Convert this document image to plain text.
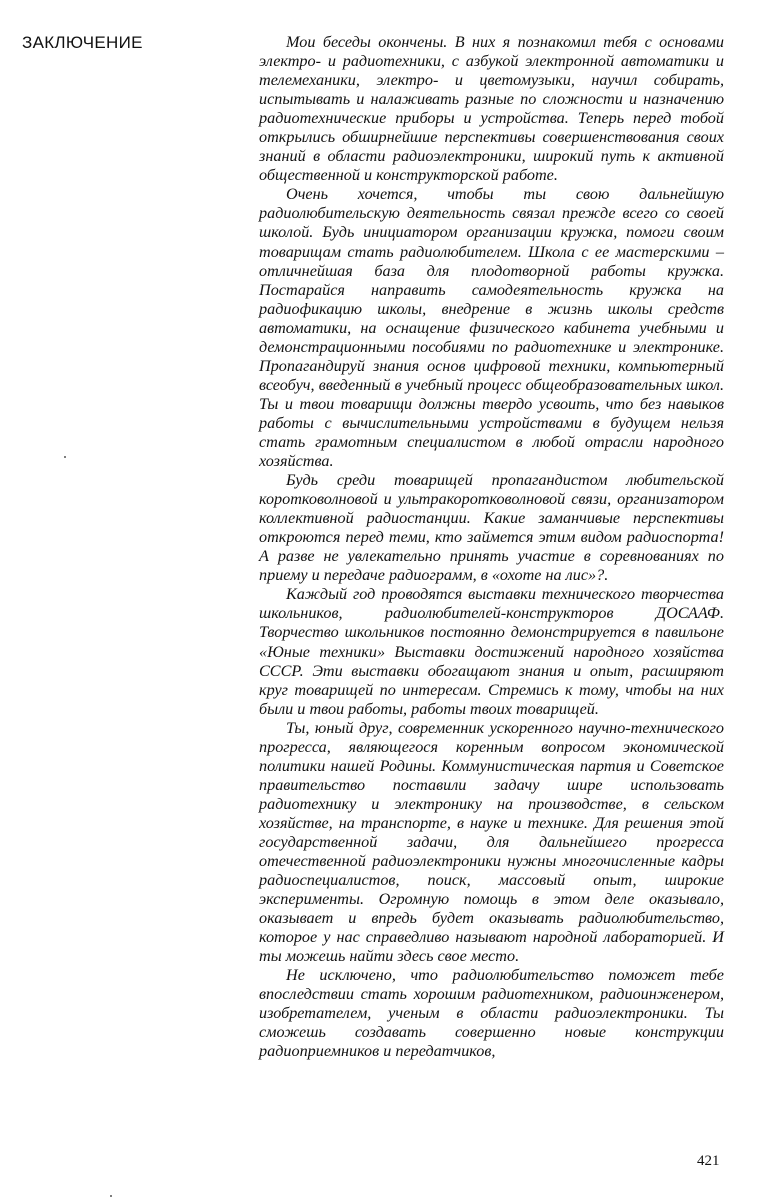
ЗАКЛЮЧЕНИЕ	Мои беседы окончены. В них я познакомил тебя с основами электро- и радиотехники, с азбукой электронной автоматики и телемеханики, электро- и цветомузыки, научил собирать, испытывать и налаживать разные по сложности и назначению радиотехнические приборы и устройства. Теперь перед тобой открылись обширнейшие перспективы совершенствования своих знаний в области радиоэлектроники, широкий путь к активной общественной и конструкторской работе.

Очень хочется, чтобы ты свою дальнейшую радиолюбительскую деятельность связал прежде всего со своей школой. Будь инициатором организации кружка, помоги своим товарищам стать радиолюбителем. Школа с ее мастерскими – отличнейшая база для плодотворной работы кружка. Постарайся направить самодеятельность кружка на радиофикацию школы, внедрение в жизнь школы средств автоматики, на оснащение физического кабинета учебными и демонстрационными пособиями по радиотехнике и электронике. Пропагандируй знания основ цифровой техники, компьютерный всеобуч, введенный в учебный процесс общеобразовательных школ. Ты и твои товарищи должны твердо усвоить, что без навыков работы с вычислительными устройствами в будущем нельзя стать грамотным специалистом в любой отрасли народного хозяйства.

Будь среди товарищей пропагандистом любительской коротковолновой и ультракоротковолновой связи, организатором коллективной радиостанции. Какие заманчивые перспективы откроются перед теми, кто займется этим видом радиоспорта! А разве не увлекательно принять участие в соревнованиях по приему и передаче радиограмм, в «охоте на лис»?.

Каждый год проводятся выставки технического творчества школьников, радиолюбителей-конструкторов ДОСААФ. Творчество школьников постоянно демонстрируется в павильоне «Юные техники» Выставки достижений народного хозяйства СССР. Эти выставки обогащают знания и опыт, расширяют круг товарищей по интересам. Стремись к тому, чтобы на них были и твои работы, работы твоих товарищей.

Ты, юный друг, современник ускоренного научно-технического прогресса, являющегося коренным вопросом экономической политики нашей Родины. Коммунистическая партия и Советское правительство поставили задачу шире использовать радиотехнику и электронику на производстве, в сельском хозяйстве, на транспорте, в науке и технике. Для решения этой государственной задачи, для дальнейшего прогресса отечественной радиоэлектроники нужны многочисленные кадры радиоспециалистов, поиск, массовый опыт, широкие эксперименты. Огромную помощь в этом деле оказывало, оказывает и впредь будет оказывать радиолюбительство, которое у нас справедливо называют народной лабораторией. И ты можешь найти здесь свое место.

Не исключено, что радиолюбительство поможет тебе впоследствии стать хорошим радиотехником, радиоинженером, изобретателем, ученым в области радиоэлектроники. Ты сможешь создавать совершенно новые конструкции радиоприемников и передатчиков,

421
